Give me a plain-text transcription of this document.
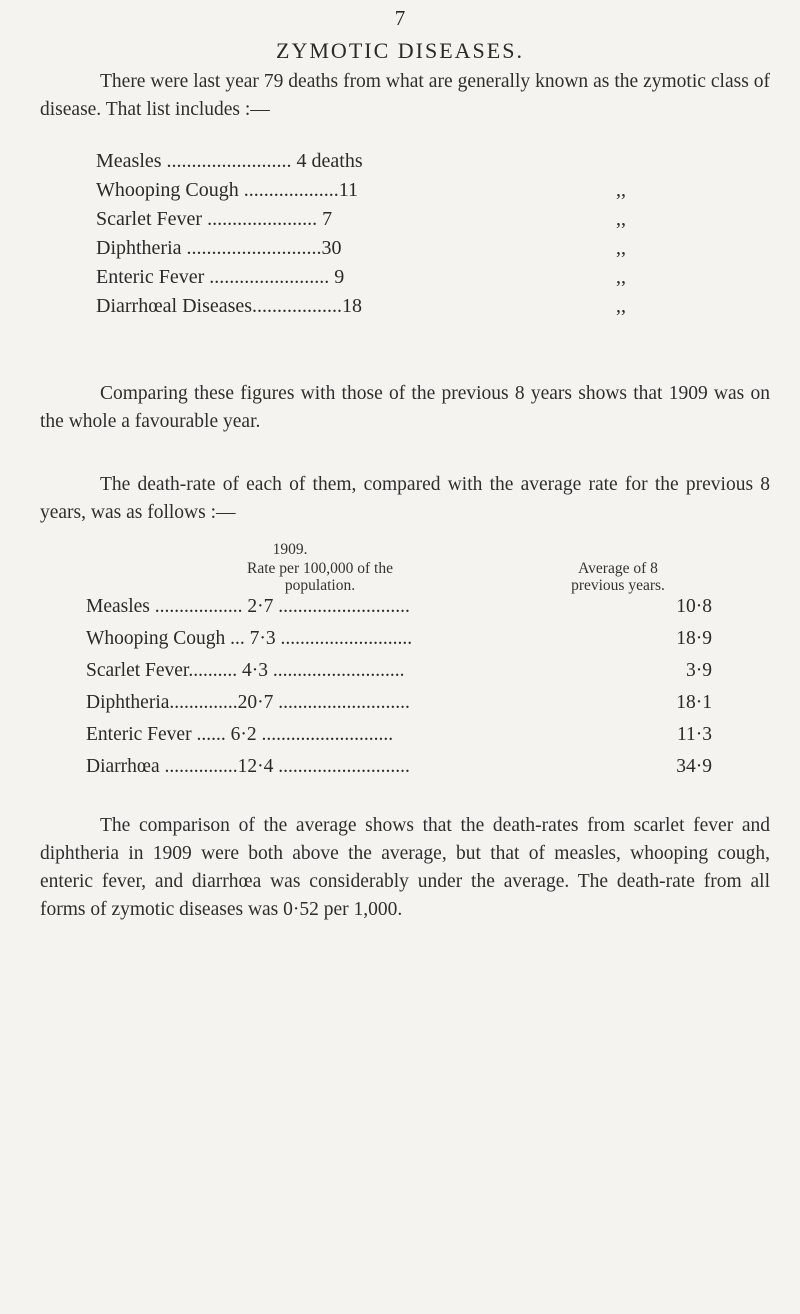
7
ZYMOTIC DISEASES.
There were last year 79 deaths from what are generally known as the zymotic class of disease. That list includes :—
Measles ......................... 4 deaths
Whooping Cough ...................11	,,
Scarlet Fever ...................... 7	,,
Diphtheria ...........................30	,,
Enteric Fever ........................ 9	,,
Diarrhœal Diseases..................18	,,
Comparing these figures with those of the previous 8 years shows that 1909 was on the whole a favourable year.
The death-rate of each of them, compared with the average rate for the previous 8 years, was as follows :—
1909.
Rate per 100,000 of the
population.
Average of 8
previous years.
Measles .................. 2·7 ...........................	10·8
Whooping Cough ... 7·3 ...........................	18·9
Scarlet Fever.......... 4·3 ...........................	3·9
Diphtheria..............20·7 ...........................	18·1
Enteric Fever ...... 6·2 ...........................	11·3
Diarrhœa ...............12·4 ...........................	34·9
The comparison of the average shows that the death-rates from scarlet fever and diphtheria in 1909 were both above the average, but that of measles, whooping cough, enteric fever, and diarrhœa was considerably under the average. The death-rate from all forms of zymotic diseases was 0·52 per 1,000.
